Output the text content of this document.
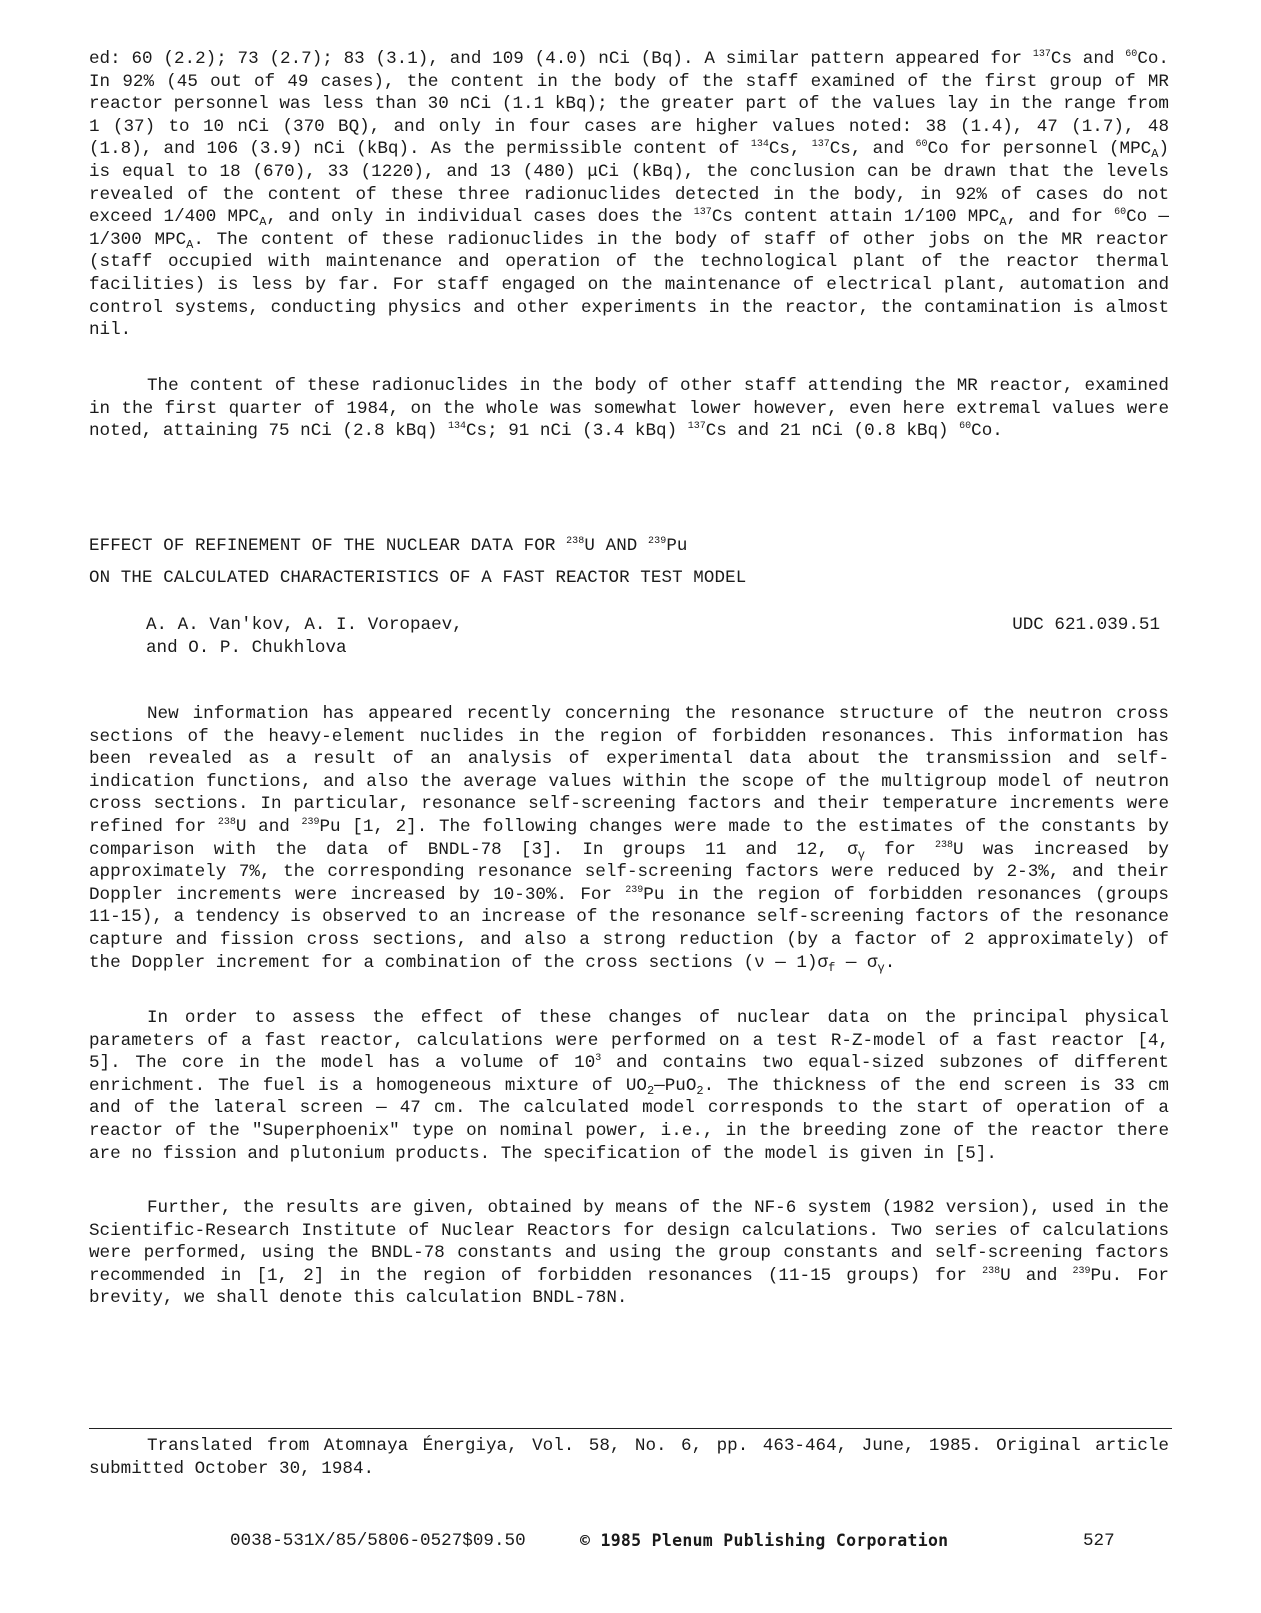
ed: 60 (2.2); 73 (2.7); 83 (3.1), and 109 (4.0) nCi (Bq). A similar pattern appeared for $^{137}$Cs and $^{60}$Co. In 92% (45 out of 49 cases), the content in the body of the staff examined of the first group of MR reactor personnel was less than 30 nCi (1.1 kBq); the greater part of the values lay in the range from 1 (37) to 10 nCi (370 BQ), and only in four cases are higher values noted: 38 (1.4), 47 (1.7), 48 (1.8), and 106 (3.9) nCi (kBq). As the permissible content of $^{134}$Cs, $^{137}$Cs, and $^{60}$Co for personnel $(MPC_A)$ is equal to 18 (670), 33 (1220), and 13 (480) μCi (kBq), the conclusion can be drawn that the levels revealed of the content of these three radionuclides detected in the body, in 92% of cases do not exceed 1/400 $MPC_A$, and only in individual cases does the $^{137}$Cs content attain 1/100 $MPC_A$, and for $^{60}$Co — 1/300 $MPC_A$. The content of these radionuclides in the body of staff of other jobs on the MR reactor (staff occupied with maintenance and operation of the technological plant of the reactor thermal facilities) is less by far. For staff engaged on the maintenance of electrical plant, automation and control systems, conducting physics and other experiments in the reactor, the contamination is almost nil.

The content of these radionuclides in the body of other staff attending the MR reactor, examined in the first quarter of 1984, on the whole was somewhat lower however, even here extremal values were noted, attaining 75 nCi (2.8 kBq) $^{134}$Cs; 91 nCi (3.4 kBq) $^{137}$Cs and 21 nCi (0.8 kBq) $^{60}$Co.

EFFECT OF REFINEMENT OF THE NUCLEAR DATA FOR $^{238}$U AND $^{239}$Pu
ON THE CALCULATED CHARACTERISTICS OF A FAST REACTOR TEST MODEL
A. A. Van'kov, A. I. Voropaev,
and O. P. Chukhlova
UDC 621.039.51

New information has appeared recently concerning the resonance structure of the neutron cross sections of the heavy-element nuclides in the region of forbidden resonances. This information has been revealed as a result of an analysis of experimental data about the transmission and self-indication functions, and also the average values within the scope of the multigroup model of neutron cross sections. In particular, resonance self-screening factors and their temperature increments were refined for $^{238}$U and $^{239}$Pu [1, 2]. The following changes were made to the estimates of the constants by comparison with the data of BNDL-78 [3]. In groups 11 and 12, $\sigma_\gamma$ for $^{238}$U was increased by approximately 7%, the corresponding resonance self-screening factors were reduced by 2-3%, and their Doppler increments were increased by 10-30%. For $^{239}$Pu in the region of forbidden resonances (groups 11-15), a tendency is observed to an increase of the resonance self-screening factors of the resonance capture and fission cross sections, and also a strong reduction (by a factor of 2 approximately) of the Doppler increment for a combination of the cross sections (ν — $1)\sigma_f$ — $\sigma_\gamma$.

In order to assess the effect of these changes of nuclear data on the principal physical parameters of a fast reactor, calculations were performed on a test R-Z-model of a fast reactor [4, 5]. The core in the model has a volume of $10^3$ and contains two equal-sized subzones of different enrichment. The fuel is a homogeneous mixture of $UO_2—PuO_2$. The thickness of the end screen is 33 cm and of the lateral screen — 47 cm. The calculated model corresponds to the start of operation of a reactor of the "Superphoenix" type on nominal power, i.e., in the breeding zone of the reactor there are no fission and plutonium products. The specification of the model is given in [5].

Further, the results are given, obtained by means of the NF-6 system (1982 version), used in the Scientific-Research Institute of Nuclear Reactors for design calculations. Two series of calculations were performed, using the BNDL-78 constants and using the group constants and self-screening factors recommended in [1, 2] in the region of forbidden resonances (11-15 groups) for $^{238}$U and $^{239}$Pu. For brevity, we shall denote this calculation BNDL-78N.

Translated from Atomnaya Énergiya, Vol. 58, No. 6, pp. 463-464, June, 1985. Original article submitted October 30, 1984.

0038-531X/85/5806-0527$09.50	© 1985 Plenum Publishing Corporation	527
